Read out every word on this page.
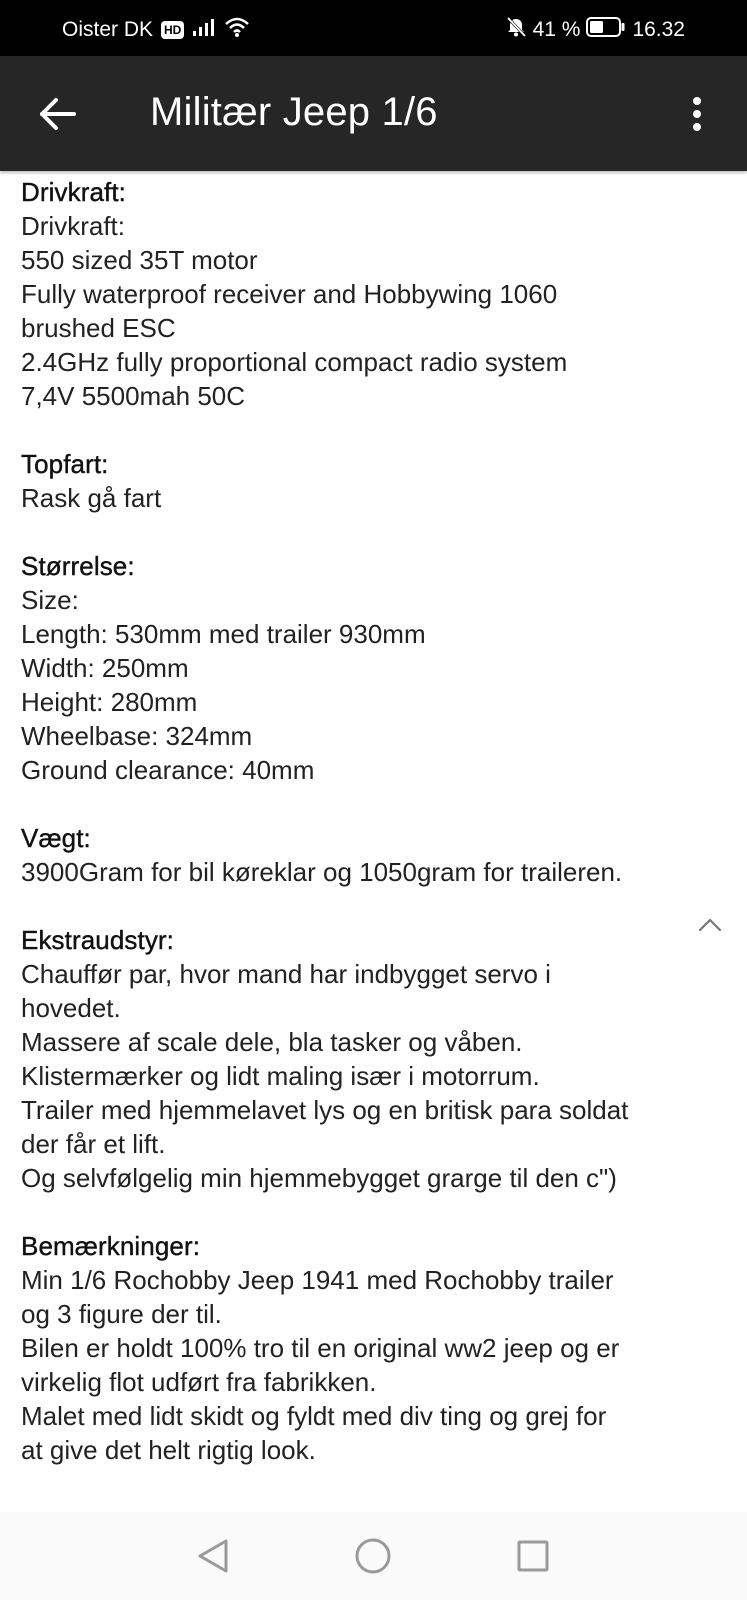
Oister DK HD	41 % 16.32
Militær Jeep 1/6
Drivkraft:
Drivkraft:
550 sized 35T motor
Fully waterproof receiver and Hobbywing 1060
brushed ESC
2.4GHz fully proportional compact radio system
7,4V 5500mah 50C
Topfart:
Rask gå fart
Størrelse:
Size:
Length: 530mm med trailer 930mm
Width: 250mm
Height: 280mm
Wheelbase: 324mm
Ground clearance: 40mm
Vægt:
3900Gram for bil køreklar og 1050gram for traileren.
Ekstraudstyr:
Chauffør par, hvor mand har indbygget servo i
hovedet.
Massere af scale dele, bla tasker og våben.
Klistermærker og lidt maling især i motorrum.
Trailer med hjemmelavet lys og en britisk para soldat
der får et lift.
Og selvfølgelig min hjemmebygget grarge til den c")
Bemærkninger:
Min 1/6 Rochobby Jeep 1941 med Rochobby trailer
og 3 figure der til.
Bilen er holdt 100% tro til en original ww2 jeep og er
virkelig flot udført fra fabrikken.
Malet med lidt skidt og fyldt med div ting og grej for
at give det helt rigtig look.
